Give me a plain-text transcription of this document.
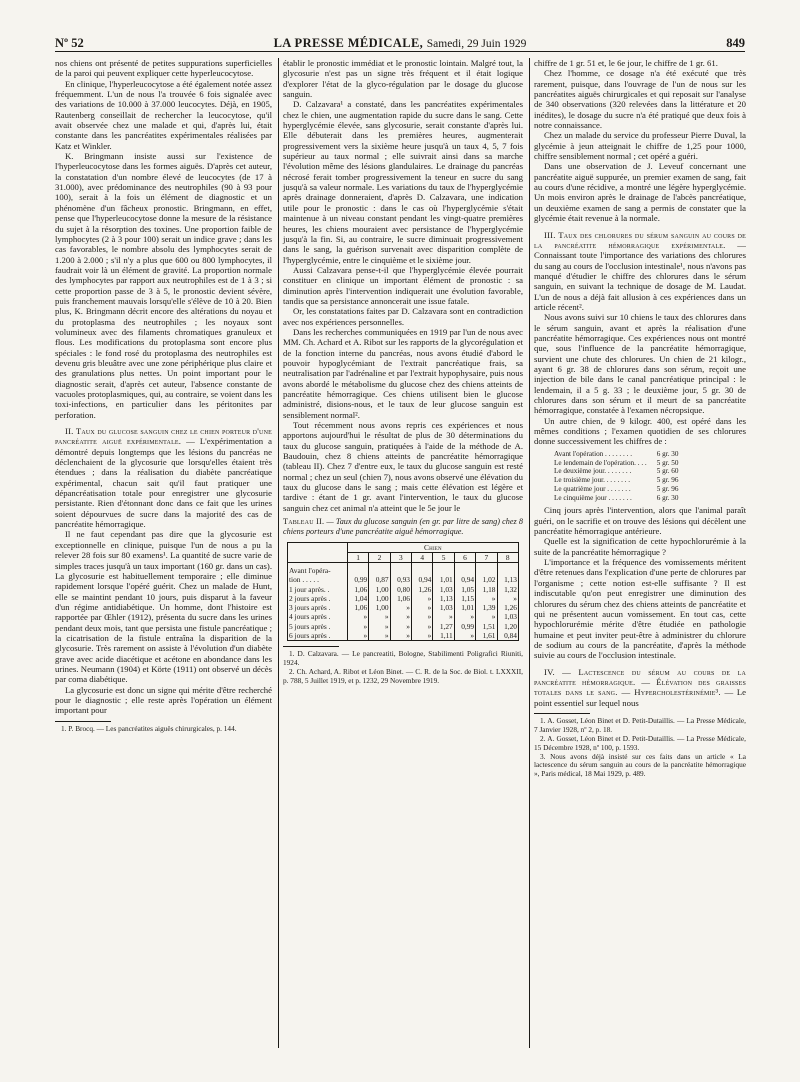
Nº 52	LA PRESSE MÉDICALE, Samedi, 29 Juin 1929	849

nos chiens ont présenté de petites suppurations superficielles de la paroi qui peuvent expliquer cette hyperleucocytose.

En clinique, l'hyperleucocytose a été également notée assez fréquemment. L'un de nous l'a trouvée 6 fois signalée avec des variations de 10.000 à 37.000 leucocytes. Déjà, en 1905, Rautenberg conseillait de rechercher la leucocytose, qu'il avait observée chez une malade et qui, d'après lui, était constante dans les pancréatites expérimentales réalisées par Katz et Winkler.

K. Bringmann insiste aussi sur l'existence de l'hyperleucocytose dans les formes aiguës. D'après cet auteur, la constatation d'un nombre élevé de leucocytes (de 17 à 31.000), avec prédominance des neutrophiles (90 à 93 pour 100), serait à la fois un élément de diagnostic et un phénomène d'un fâcheux pronostic. Bringmann, en effet, pense que l'hyperleucocytose donne la mesure de la résistance du sujet à la résorption des toxines. Une proportion faible de lymphocytes (2 à 3 pour 100) serait un indice grave ; dans les cas favorables, le nombre absolu des lymphocytes serait de 1.200 à 2.000 ; s'il n'y a plus que 600 ou 800 lymphocytes, il faudrait voir là un élément de gravité. La proportion normale des lymphocytes par rapport aux neutrophiles est de 1 à 3 ; si cette proportion passe de 3 à 5, le pronostic devient sévère, puis franchement mauvais lorsqu'elle s'élève de 10 à 20. Bien plus, K. Bringmann décrit encore des altérations du noyau et du protoplasma des neutrophiles ; les noyaux sont volumineux avec des filaments chromatiques granuleux et flous. Les modifications du protoplasma sont encore plus spéciales : le fond rosé du protoplasma des neutrophiles est devenu gris bleuâtre avec une zone périphérique plus claire et des granulations plus nettes. Un point important pour le diagnostic serait, d'après cet auteur, l'absence constante de vacuoles protoplasmiques, qui, au contraire, se voient dans les toxi-infections, en particulier dans les péritonites par perforation.

II. Taux du glucose sanguin chez le chien porteur d'une pancréatite aiguë expérimentale. — L'expérimentation a démontré depuis longtemps que les lésions du pancréas ne déclenchaient de la glycosurie que lorsqu'elles étaient très étendues ; dans la réalisation du diabète pancréatique expérimental, chacun sait qu'il faut pratiquer une dépancréatisation totale pour enregistrer une glycosurie persistante. Rien d'étonnant donc dans ce fait que les urines soient dépourvues de sucre dans la majorité des cas de pancréatite hémorragique.

Il ne faut cependant pas dire que la glycosurie est exceptionnelle en clinique, puisque l'un de nous a pu la relever 28 fois sur 80 examens¹. La quantité de sucre varie de simples traces jusqu'à un taux important (160 gr. dans un cas). La glycosurie est habituellement temporaire ; elle diminue rapidement lorsque l'opéré guérit. Chez un malade de Hunt, elle se maintint pendant 10 jours, puis disparut à la faveur d'un régime antidiabétique. Un homme, dont l'histoire est rapportée par Œhler (1912), présenta du sucre dans les urines pendant deux mois, tant que persista une fistule pancréatique ; la cicatrisation de la fistule entraîna la disparition de la glycosurie. Très rarement on assiste à l'évolution d'un diabète grave avec acide diacétique et acétone en abondance dans les urines. Neumann (1904) et Körte (1911) ont observé un décès par coma diabétique.

La glycosurie est donc un signe qui mérite d'être recherché pour le diagnostic ; elle reste après l'opération un élément important pour

1. P. Brocq. — Les pancréatites aiguës chirurgicales, p. 144.

établir le pronostic immédiat et le pronostic lointain. Malgré tout, la glycosurie n'est pas un signe très fréquent et il était logique d'explorer l'état de la glyco-régulation par le dosage du glucose sanguin.

D. Calzavara¹ a constaté, dans les pancréatites expérimentales chez le chien, une augmentation rapide du sucre dans le sang. Cette hyperglycémie élevée, sans glycosurie, serait constante d'après lui. Elle débuterait dans les premières heures, augmenterait progressivement vers la sixième heure jusqu'à un taux 4, 5, 7 fois supérieur au taux normal ; elle suivrait ainsi dans sa marche l'évolution même des lésions glandulaires. Le drainage du pancréas nécrosé ferait tomber progressivement la teneur en sucre du sang jusqu'à sa valeur normale. Les variations du taux de l'hyperglycémie après drainage donneraient, d'après D. Calzavara, une indication utile pour le pronostic : dans le cas où l'hyperglycémie s'était maintenue à un niveau constant pendant les vingt-quatre premières heures, les chiens mouraient avec persistance de l'hyperglycémie jusqu'à la fin. Si, au contraire, le sucre diminuait progressivement dans le sang, la guérison survenait avec disparition complète de l'hyperglycémie, entre le cinquième et le sixième jour.

Aussi Calzavara pense-t-il que l'hyperglycémie élevée pourrait constituer en clinique un important élément de pronostic : sa diminution après l'intervention indiquerait une évolution favorable, tandis que sa persistance annoncerait une issue fatale.

Or, les constatations faites par D. Calzavara sont en contradiction avec nos expériences personnelles.

Dans les recherches communiquées en 1919 par l'un de nous avec MM. Ch. Achard et A. Ribot sur les rapports de la glycorégulation et de la fonction interne du pancréas, nous avons étudié d'abord le pouvoir hypoglycémiant de l'extrait pancréatique frais, sa neutralisation par l'adrénaline et par l'extrait hypophysaire, puis nous avons abordé le métabolisme du glucose chez des chiens atteints de pancréatite hémorragique. Ces chiens utilisent bien le glucose administré, disions-nous, et le taux de leur glucose sanguin est sensiblement normal².

Tout récemment nous avons repris ces expériences et nous apportons aujourd'hui le résultat de plus de 30 déterminations du taux du glucose sanguin, pratiquées à l'aide de la méthode de A. Baudouin, chez 8 chiens atteints de pancréatite hémorragique (tableau II). Chez 7 d'entre eux, le taux du glucose sanguin est resté normal ; chez un seul (chien 7), nous avons observé une élévation du taux du glucose dans le sang ; mais cette élévation est légère et tardive : étant de 1 gr. avant l'intervention, le taux du glucose sanguin chez cet animal n'a atteint que le 5e jour le

Tableau II. — Taux du glucose sanguin (en gr. par litre de sang) chez 8 chiens porteurs d'une pancréatite aiguë hémorragique.

	Chien							
	1	2	3	4	5	6	7	8
Avant l'opéra-								
tion . . . . .	0,99	0,87	0,93	0,94	1,01	0,94	1,02	1,13
1 jour après. .	1,06	1,00	0,80	1,26	1,03	1,05	1,18	1,32
2 jours après .	1,04	1,00	1,06	»	1,13	1,15	»	»
3 jours après .	1,06	1,00	»	»	1,03	1,01	1,39	1,26
4 jours après .	»	»	»	»	»	»	»	1,03
5 jours après .	»	»	»	»	1,27	0,99	1,51	1,20
6 jours après .	»	»	»	»	1,11	»	1,61	0,84

1. D. Calzavara. — Le pancreatiti, Bologne, Stabilimenti Poligrafici Riuniti, 1924.

2. Ch. Achard, A. Ribot et Léon Binet. — C. R. de la Soc. de Biol. t. LXXXII, p. 788, 5 Juillet 1919, et p. 1232, 29 Novembre 1919.

chiffre de 1 gr. 51 et, le 6e jour, le chiffre de 1 gr. 61.

Chez l'homme, ce dosage n'a été exécuté que très rarement, puisque, dans l'ouvrage de l'un de nous sur les pancréatites aiguës chirurgicales et qui reposait sur l'analyse de 340 observations (320 relevées dans la littérature et 20 inédites), le dosage du sucre n'a été pratiqué que deux fois à notre connaissance.

Chez un malade du service du professeur Pierre Duval, la glycémie à jeun atteignait le chiffre de 1,25 pour 1000, chiffre sensiblement normal ; cet opéré a guéri.

Dans une observation de J. Leveuf concernant une pancréatite aiguë suppurée, un premier examen de sang, fait au cours d'une récidive, a montré une légère hyperglycémie. Un mois environ après le drainage de l'abcès pancréatique, un deuxième examen de sang a permis de constater que la glycémie était revenue à la normale.

III. Taux des chlorures du sérum sanguin au cours de la pancréatite hémorragique expérimentale. — Connaissant toute l'importance des variations des chlorures du sang au cours de l'occlusion intestinale¹, nous n'avons pas manqué d'étudier le chiffre des chlorures dans le sérum sanguin, en suivant la technique de dosage de M. Laudat. L'un de nous a déjà fait allusion à ces expériences dans un article récent².

Nous avons suivi sur 10 chiens le taux des chlorures dans le sérum sanguin, avant et après la réalisation d'une pancréatite hémorragique. Ces expériences nous ont montré que, sous l'influence de la pancréatite hémorragique, survient une chute des chlorures. Un chien de 21 kilogr., ayant 6 gr. 38 de chlorures dans son sérum, reçoit une injection de bile dans le canal pancréatique principal : le lendemain, il a 5 g. 33 ; le deuxième jour, 5 gr. 30 de chlorures dans son sérum et il meurt de sa pancréatite hémorragique, constatée à l'examen nécropsique.

Un autre chien, de 9 kilogr. 400, est opéré dans les mêmes conditions ; l'examen quotidien de ses chlorures donne successivement les chiffres de :

Avant l'opération . . . . . . . .	6 gr. 30
Le lendemain de l'opération. . . .	5 gr. 50
Le deuxième jour. . . . . . . .	5 gr. 60
Le troisième jour. . . . . . . .	5 gr. 96
Le quatrième jour . . . . . . .	5 gr. 96
Le cinquième jour . . . . . . .	6 gr. 30

Cinq jours après l'intervention, alors que l'animal paraît guéri, on le sacrifie et on trouve des lésions qui décèlent une pancréatite hémorragique antérieure.

Quelle est la signification de cette hypochlorurémie à la suite de la pancréatite hémorragique ?

L'importance et la fréquence des vomissements méritent d'être retenues dans l'explication d'une perte de chlorures par l'organisme ; cette notion est-elle suffisante ? Il est indiscutable qu'on peut enregistrer une diminution des chlorures du sérum chez des chiens atteints de pancréatite et qui ne présentent aucun vomissement. En tout cas, cette hypochlorurémie mérite d'être étudiée en pathologie humaine et peut inviter peut-être à administrer du chlorure de sodium au cours de la pancréatite, d'après la méthode suivie au cours de l'occlusion intestinale.

IV. — Lactescence du sérum au cours de la pancréatite hémorragique. — Élévation des graisses totales dans le sang. — Hypercholestérinémie³. — Le point essentiel sur lequel nous

1. A. Gosset, Léon Binet et D. Petit-Dutaillis. — La Presse Médicale, 7 Janvier 1928, nº 2, p. 18.

2. A. Gosset, Léon Binet et D. Petit-Dutaillis. — La Presse Médicale, 15 Décembre 1928, nº 100, p. 1593.

3. Nous avons déjà insisté sur ces faits dans un article « La lactescence du sérum sanguin au cours de la pancréatite hémorragique », Paris médical, 18 Mai 1929, p. 489.
